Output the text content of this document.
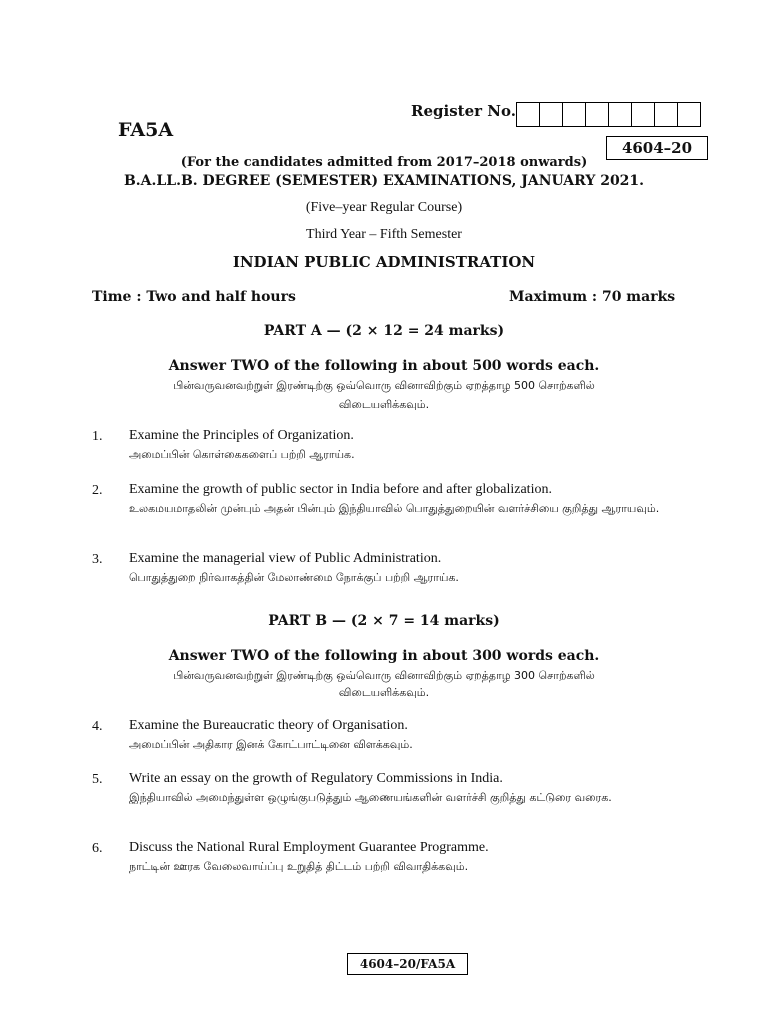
Register No.
FA5A
4604–20
(For the candidates admitted from 2017–2018 onwards)
B.A.LL.B. DEGREE (SEMESTER) EXAMINATIONS, JANUARY 2021.
(Five–year Regular Course)
Third Year – Fifth Semester
INDIAN PUBLIC ADMINISTRATION
Time : Two and half hours	Maximum : 70 marks
PART A — (2 × 12 = 24 marks)
Answer TWO of the following in about 500 words each.
பின்வருவனவற்றுள் இரண்டிற்கு ஒவ்வொரு வினாவிற்கும் ஏறத்தாழ 500 சொற்களில்
விடையளிக்கவும்.
1. Examine the Principles of Organization.
அமைப்பின் கொள்கைகளைப் பற்றி ஆராய்க.
2. Examine the growth of public sector in India before and after globalization.
உலகமயமாதலின் முன்பும் அதன் பின்பும் இந்தியாவில் பொதுத்துறையின் வளர்ச்சியை குறித்து ஆராயவும்.
3. Examine the managerial view of Public Administration.
பொதுத்துறை நிர்வாகத்தின் மேலாண்மை நோக்குப் பற்றி ஆராய்க.
PART B — (2 × 7 = 14 marks)
Answer TWO of the following in about 300 words each.
பின்வருவனவற்றுள் இரண்டிற்கு ஒவ்வொரு வினாவிற்கும் ஏறத்தாழ 300 சொற்களில்
விடையளிக்கவும்.
4. Examine the Bureaucratic theory of Organisation.
அமைப்பின் அதிகார இனக் கோட்பாட்டினை விளக்கவும்.
5. Write an essay on the growth of Regulatory Commissions in India.
இந்தியாவில் அமைந்துள்ள ஒழுங்குபடுத்தும் ஆணையங்களின் வளர்ச்சி குறித்து கட்டுரை வரைக.
6. Discuss the National Rural Employment Guarantee Programme.
நாட்டின் ஊரக வேலைவாய்ப்பு உறுதித் திட்டம் பற்றி விவாதிக்கவும்.
4604–20/FA5A
